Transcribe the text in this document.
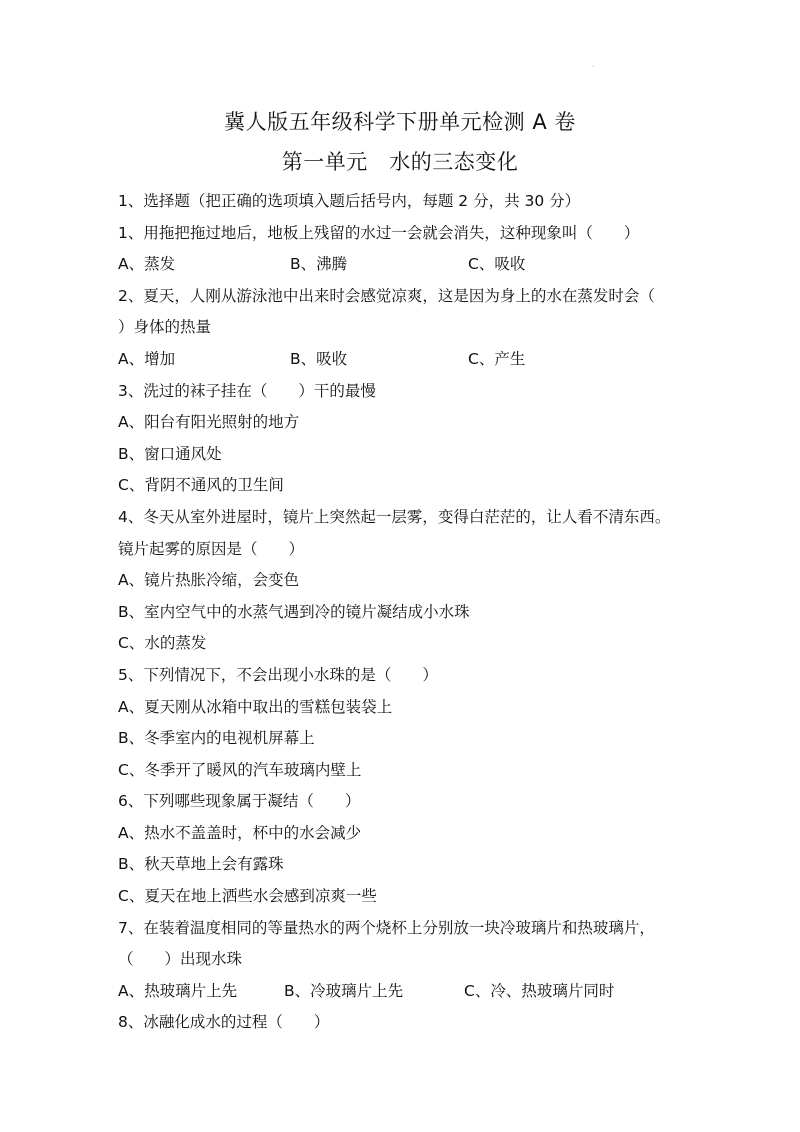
·
冀人版五年级科学下册单元检测 A 卷
第一单元　水的三态变化
1、选择题（把正确的选项填入题后括号内，每题 2 分，共 30 分）
1、用拖把拖过地后，地板上残留的水过一会就会消失，这种现象叫（　　）
A、蒸发	B、沸腾	C、吸收
2、夏天，人刚从游泳池中出来时会感觉凉爽，这是因为身上的水在蒸发时会（
）身体的热量
A、增加	B、吸收	C、产生
3、洗过的袜子挂在（　　）干的最慢
A、阳台有阳光照射的地方
B、窗口通风处
C、背阴不通风的卫生间
4、冬天从室外进屋时，镜片上突然起一层雾，变得白茫茫的，让人看不清东西。
镜片起雾的原因是（　　）
A、镜片热胀冷缩，会变色
B、室内空气中的水蒸气遇到冷的镜片凝结成小水珠
C、水的蒸发
5、下列情况下，不会出现小水珠的是（　　）
A、夏天刚从冰箱中取出的雪糕包装袋上
B、冬季室内的电视机屏幕上
C、冬季开了暖风的汽车玻璃内壁上
6、下列哪些现象属于凝结（　　）
A、热水不盖盖时，杯中的水会减少
B、秋天草地上会有露珠
C、夏天在地上洒些水会感到凉爽一些
7、在装着温度相同的等量热水的两个烧杯上分别放一块冷玻璃片和热玻璃片，
（　　）出现水珠
A、热玻璃片上先	B、冷玻璃片上先	C、冷、热玻璃片同时
8、冰融化成水的过程（　　）
